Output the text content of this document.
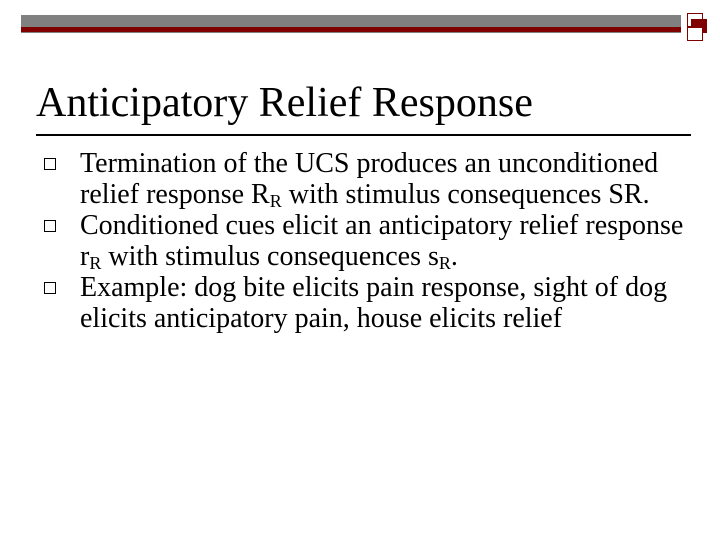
Anticipatory Relief Response
Termination of the UCS produces an unconditioned relief response $R_R$ with stimulus consequences SR.
Conditioned cues elicit an anticipatory relief response $r_R$ with stimulus consequences $s_R$.
Example: dog bite elicits pain response, sight of dog elicits anticipatory pain, house elicits relief
